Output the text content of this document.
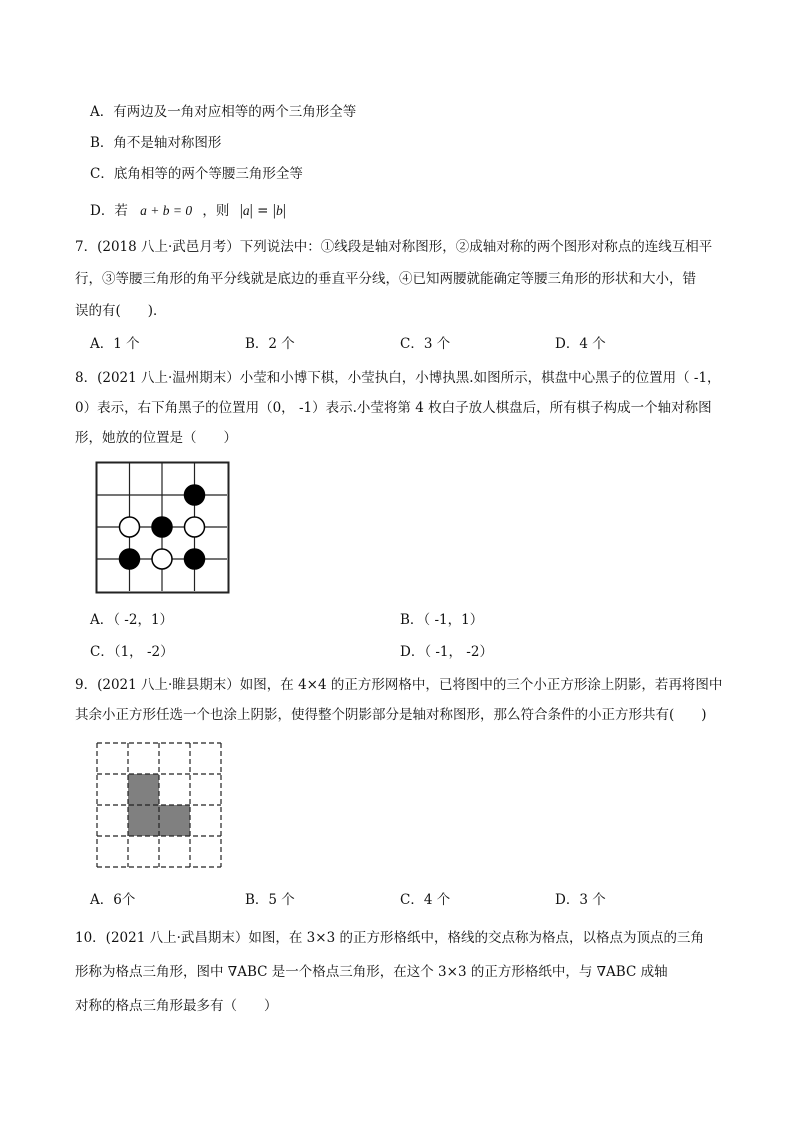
A．有两边及一角对应相等的两个三角形全等
B．角不是轴对称图形
C．底角相等的两个等腰三角形全等
D．若 a + b = 0 ，则 |a| = |b|
7．(2018 八上·武邑月考）下列说法中：①线段是轴对称图形，②成轴对称的两个图形对称点的连线互相平
行，③等腰三角形的角平分线就是底边的垂直平分线，④已知两腰就能确定等腰三角形的形状和大小，错
误的有(　　)．
A．1 个	B．2 个	C．3 个	D．4 个
8．(2021 八上·温州期末）小莹和小博下棋，小莹执白，小博执黑.如图所示，棋盘中心黑子的位置用（ -1，
0）表示，右下角黑子的位置用（0， -1）表示.小莹将第 4 枚白子放人棋盘后，所有棋子构成一个轴对称图
形，她放的位置是（　　）
A．（ -2，1）	B．（ -1，1）
C．（1， -2）	D．（ -1， -2）
9．(2021 八上·睢县期末）如图，在 4×4 的正方形网格中，已将图中的三个小正方形涂上阴影，若再将图中
其余小正方形任选一个也涂上阴影，使得整个阴影部分是轴对称图形，那么符合条件的小正方形共有(　　)
A．6个	B．5 个	C．4 个	D．3 个
10．(2021 八上·武昌期末）如图，在 3×3 的正方形格纸中，格线的交点称为格点，以格点为顶点的三角
形称为格点三角形，图中 ∇ABC 是一个格点三角形，在这个 3×3 的正方形格纸中，与 ∇ABC 成轴
对称的格点三角形最多有（　　）
